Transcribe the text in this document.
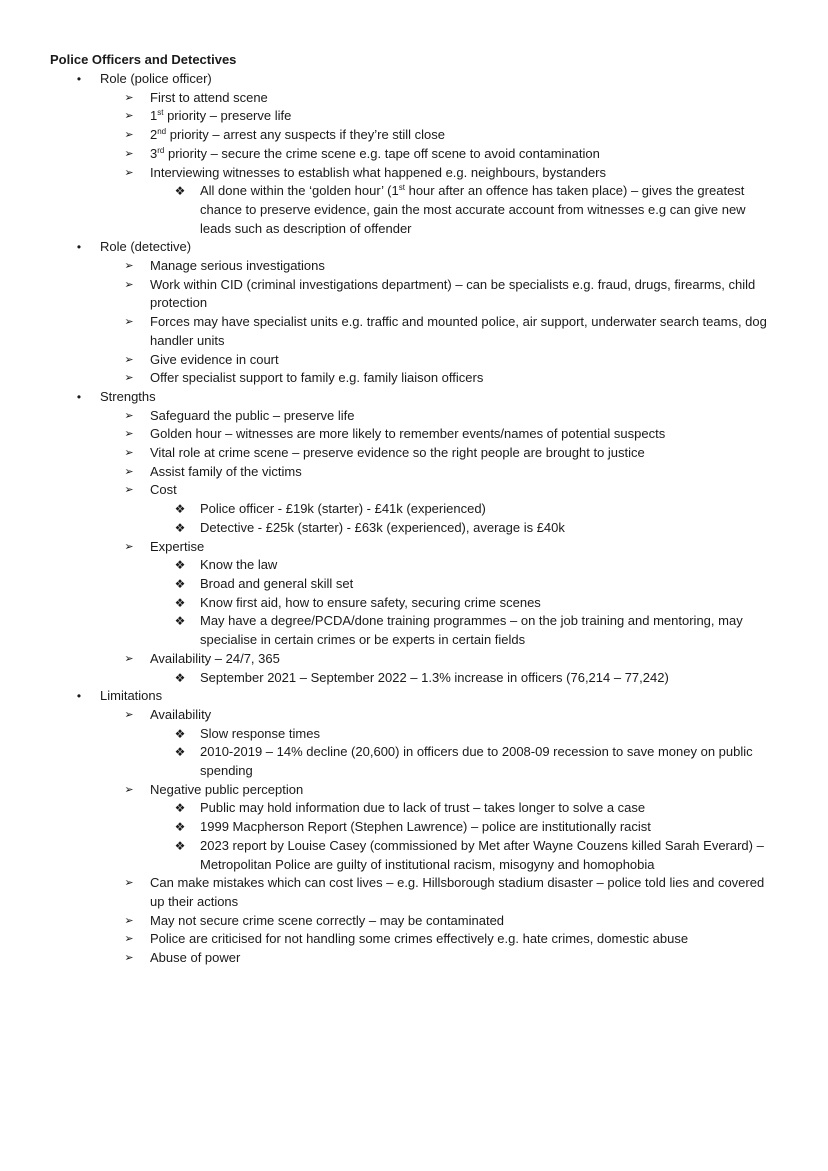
Police Officers and Detectives
•	Role (police officer)
➢ First to attend scene
➢ 1st priority – preserve life
➢ 2nd priority – arrest any suspects if they’re still close
➢ 3rd priority – secure the crime scene e.g. tape off scene to avoid contamination
➢ Interviewing witnesses to establish what happened e.g. neighbours, bystanders
❖ All done within the ‘golden hour’ (1st hour after an offence has taken place) – gives the greatest chance to preserve evidence, gain the most accurate account from witnesses e.g can give new leads such as description of offender
•	Role (detective)
➢ Manage serious investigations
➢ Work within CID (criminal investigations department) – can be specialists e.g. fraud, drugs, firearms, child protection
➢ Forces may have specialist units e.g. traffic and mounted police, air support, underwater search teams, dog handler units
➢ Give evidence in court
➢ Offer specialist support to family e.g. family liaison officers
•	Strengths
➢ Safeguard the public – preserve life
➢ Golden hour – witnesses are more likely to remember events/names of potential suspects
➢ Vital role at crime scene – preserve evidence so the right people are brought to justice
➢ Assist family of the victims
➢ Cost
❖ Police officer - £19k (starter) - £41k (experienced)
❖ Detective - £25k (starter) - £63k (experienced), average is £40k
➢ Expertise
❖ Know the law
❖ Broad and general skill set
❖ Know first aid, how to ensure safety, securing crime scenes
❖ May have a degree/PCDA/done training programmes – on the job training and mentoring, may specialise in certain crimes or be experts in certain fields
➢ Availability – 24/7, 365
❖ September 2021 – September 2022 – 1.3% increase in officers (76,214 – 77,242)
•	Limitations
➢ Availability
❖ Slow response times
❖ 2010-2019 – 14% decline (20,600) in officers due to 2008-09 recession to save money on public spending
➢ Negative public perception
❖ Public may hold information due to lack of trust – takes longer to solve a case
❖ 1999 Macpherson Report (Stephen Lawrence) – police are institutionally racist
❖ 2023 report by Louise Casey (commissioned by Met after Wayne Couzens killed Sarah Everard) – Metropolitan Police are guilty of institutional racism, misogyny and homophobia
➢ Can make mistakes which can cost lives – e.g. Hillsborough stadium disaster – police told lies and covered up their actions
➢ May not secure crime scene correctly – may be contaminated
➢ Police are criticised for not handling some crimes effectively e.g. hate crimes, domestic abuse
➢ Abuse of power
